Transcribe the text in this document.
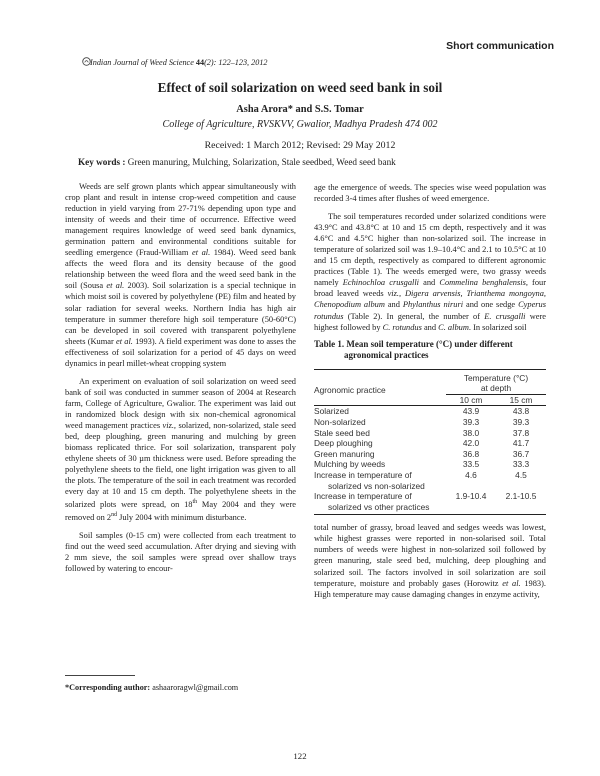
Short communication
Indian Journal of Weed Science 44(2): 122–123, 2012
Effect of soil solarization on weed seed bank in soil
Asha Arora* and S.S. Tomar
College of Agriculture, RVSKVV, Gwalior, Madhya Pradesh 474 002
Received: 1 March 2012; Revised: 29 May 2012
Key words : Green manuring, Mulching, Solarization, Stale seedbed, Weed seed bank

Weeds are self grown plants which appear simultaneously with crop plant and result in intense crop-weed competition and cause reduction in yield varying from 27-71% depending upon type and intensity of weeds and their time of occurrence. Effective weed management requires knowledge of weed seed bank dynamics, germination pattern and environmental conditions suitable for seedling emergence (Fraud-William et al. 1984). Weed seed bank affects the weed flora and its density because of the good relationship between the weed flora and the weed seed bank in the soil (Sousa et al. 2003). Soil solarization is a special technique in which moist soil is covered by polyethylene (PE) film and heated by solar radiation for several weeks. Northern India has high air temperature in summer therefore high soil temperature (50-60°C) can be developed in soil covered with transparent polyethylene sheets (Kumar et al. 1993). A field experiment was done to asses the effectiveness of soil solarization for a period of 45 days on weed dynamics in pearl millet-wheat cropping system

An experiment on evaluation of soil solarization on weed seed bank of soil was conducted in summer season of 2004 at Research farm, College of Agriculture, Gwalior. The experiment was laid out in randomized block design with six non-chemical agronomical weed management practices viz., solarized, non-solarized, stale seed bed, deep ploughing, green manuring and mulching by green biomass replicated thrice. For soil solarization, transparent poly ethylene sheets of 30 µm thickness were used. Before spreading the polyethylene sheets to the field, one light irrigation was given to all the plots. The temperature of the soil in each treatment was recorded every day at 10 and 15 cm depth. The polyethylene sheets in the solarized plots were spread, on 18th May 2004 and they were removed on 2nd July 2004 with minimum disturbance.

Soil samples (0-15 cm) were collected from each treatment to find out the weed seed accumulation. After drying and sieving with 2 mm sieve, the soil samples were spread over shallow trays followed by watering to encour-

age the emergence of weeds. The species wise weed population was recorded 3-4 times after flushes of weed emergence.

The soil temperatures recorded under solarized conditions were 43.9°C and 43.8°C at 10 and 15 cm depth, respectively and it was 4.6°C and 4.5°C higher than non-solarized soil. The increase in temperature of solarized soil was 1.9–10.4°C and 2.1 to 10.5°C at 10 and 15 cm depth, respectively as compared to different agronomic practices (Table 1). The weeds emerged were, two grassy weeds namely Echinochloa crusgalli and Commelina benghalensis, four broad leaved weeds viz., Digera arvensis, Trianthema mongoyna, Chenopodium album and Phylanthus niruri and one sedge Cyperus rotundus (Table 2). In general, the number of E. crusgalli were highest followed by C. rotundus and C. album. In solarized soil

Table 1. Mean soil temperature (°C) under different
agronomical practices
Agronomic practice	Temperature (°C)
at depth	

	10 cm	15 cm
Solarized	43.9	43.8
Non-solarized	39.3	39.3
Stale seed bed	38.0	37.8
Deep ploughing	42.0	41.7
Green manuring	36.8	36.7
Mulching by weeds	33.5	33.3

Increase in temperature of
solarized vs non-solarized	4.6	4.5

Increase in temperature of
solarized vs other practices	1.9-10.4	2.1-10.5

total number of grassy, broad leaved and sedges weeds was lowest, while highest grasses were reported in non-solarised soil. Total numbers of weeds were highest in non-solarized soil followed by green manuring, stale seed bed, mulching, deep ploughing and solarized soil. The factors involved in soil solarization are soil temperature, moisture and probably gases (Horowitz et al. 1983). High temperature may cause damaging changes in enzyme activity,

*Corresponding author: ashaaroragwl@gmail.com
122
